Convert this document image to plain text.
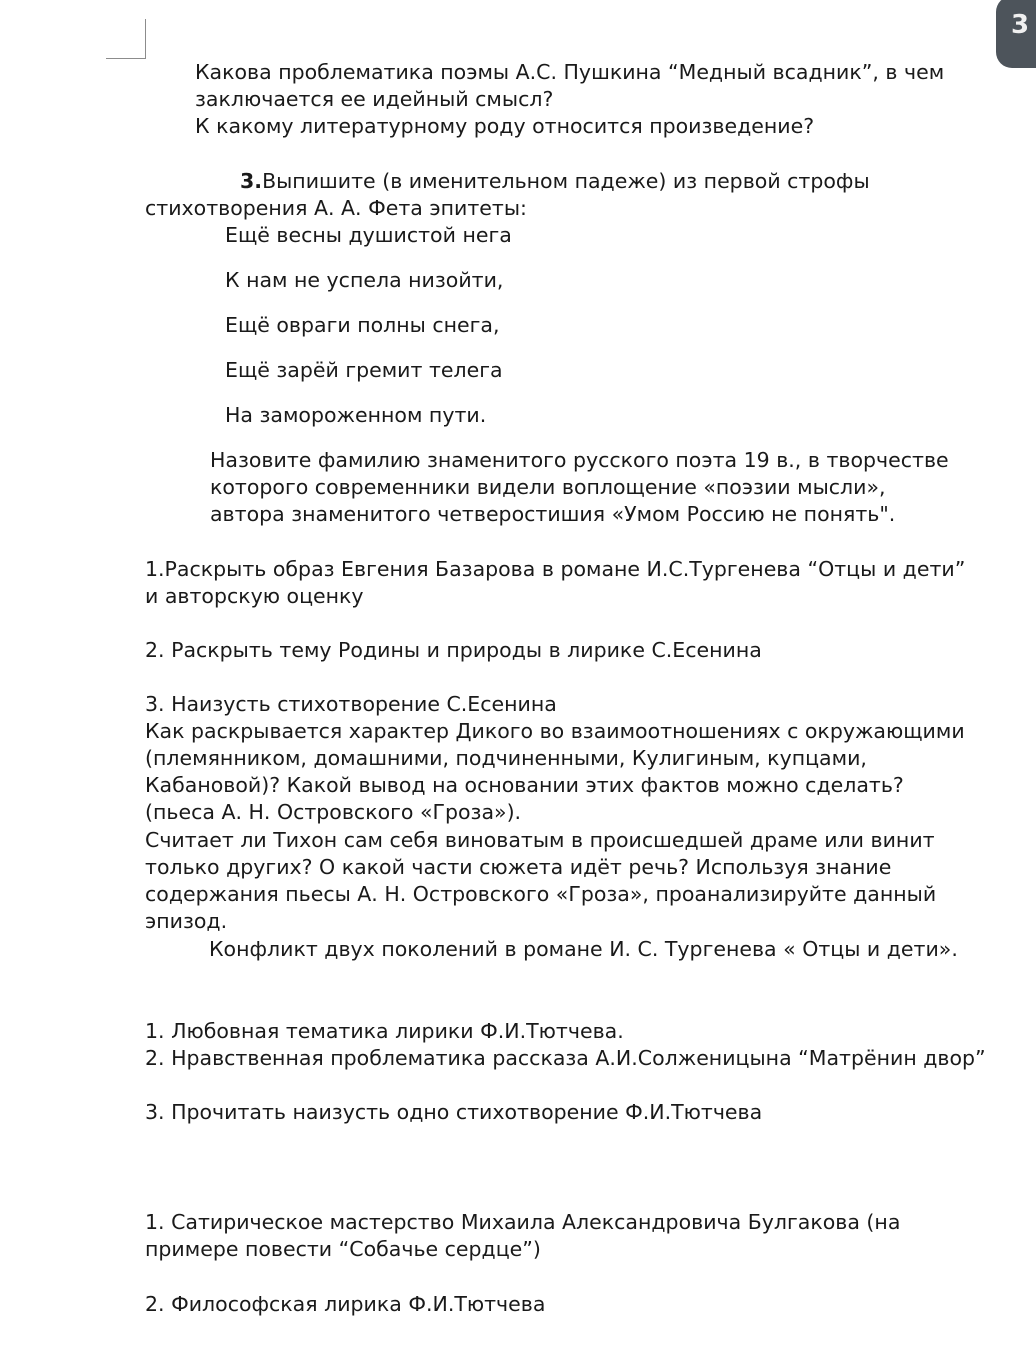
3
Какова проблематика поэмы А.С. Пушкина “Медный всадник”, в чем
заключается ее идейный смысл?
К какому литературному роду относится произведение?
3.Выпишите (в именительном падеже) из первой строфы
стихотворения А. А. Фета эпитеты:
Ещё весны душистой нега
К нам не успела низойти,
Ещё овраги полны снега,
Ещё зарёй гремит телега
На замороженном пути.
Назовите фамилию знаменитого русского поэта 19 в., в творчестве
которого современники видели воплощение «поэзии мысли»,
автора знаменитого четверостишия «Умом Россию не понять".
1.Раскрыть образ Евгения Базарова в романе И.С.Тургенева “Отцы и дети”
и авторскую оценку
2. Раскрыть тему Родины и природы в лирике С.Есенина
3. Наизусть стихотворение С.Есенина
Как раскрывается характер Дикого во взаимоотношениях с окружающими
(племянником, домашними, подчиненными, Кулигиным, купцами,
Кабановой)? Какой вывод на основании этих фактов можно сделать?
(пьеса А. Н. Островского «Гроза»).
Считает ли Тихон сам себя виноватым в происшедшей драме или винит
только других? О какой части сюжета идёт речь? Используя знание
содержания пьесы А. Н. Островского «Гроза», проанализируйте данный
эпизод.
Конфликт двух поколений в романе И. С. Тургенева « Отцы и дети».
1. Любовная тематика лирики Ф.И.Тютчева.
2. Нравственная проблематика рассказа А.И.Солженицына “Матрёнин двор”
3. Прочитать наизусть одно стихотворение Ф.И.Тютчева
1. Сатирическое мастерство Михаила Александровича Булгакова (на
примере повести “Собачье сердце”)
2. Философская лирика Ф.И.Тютчева
